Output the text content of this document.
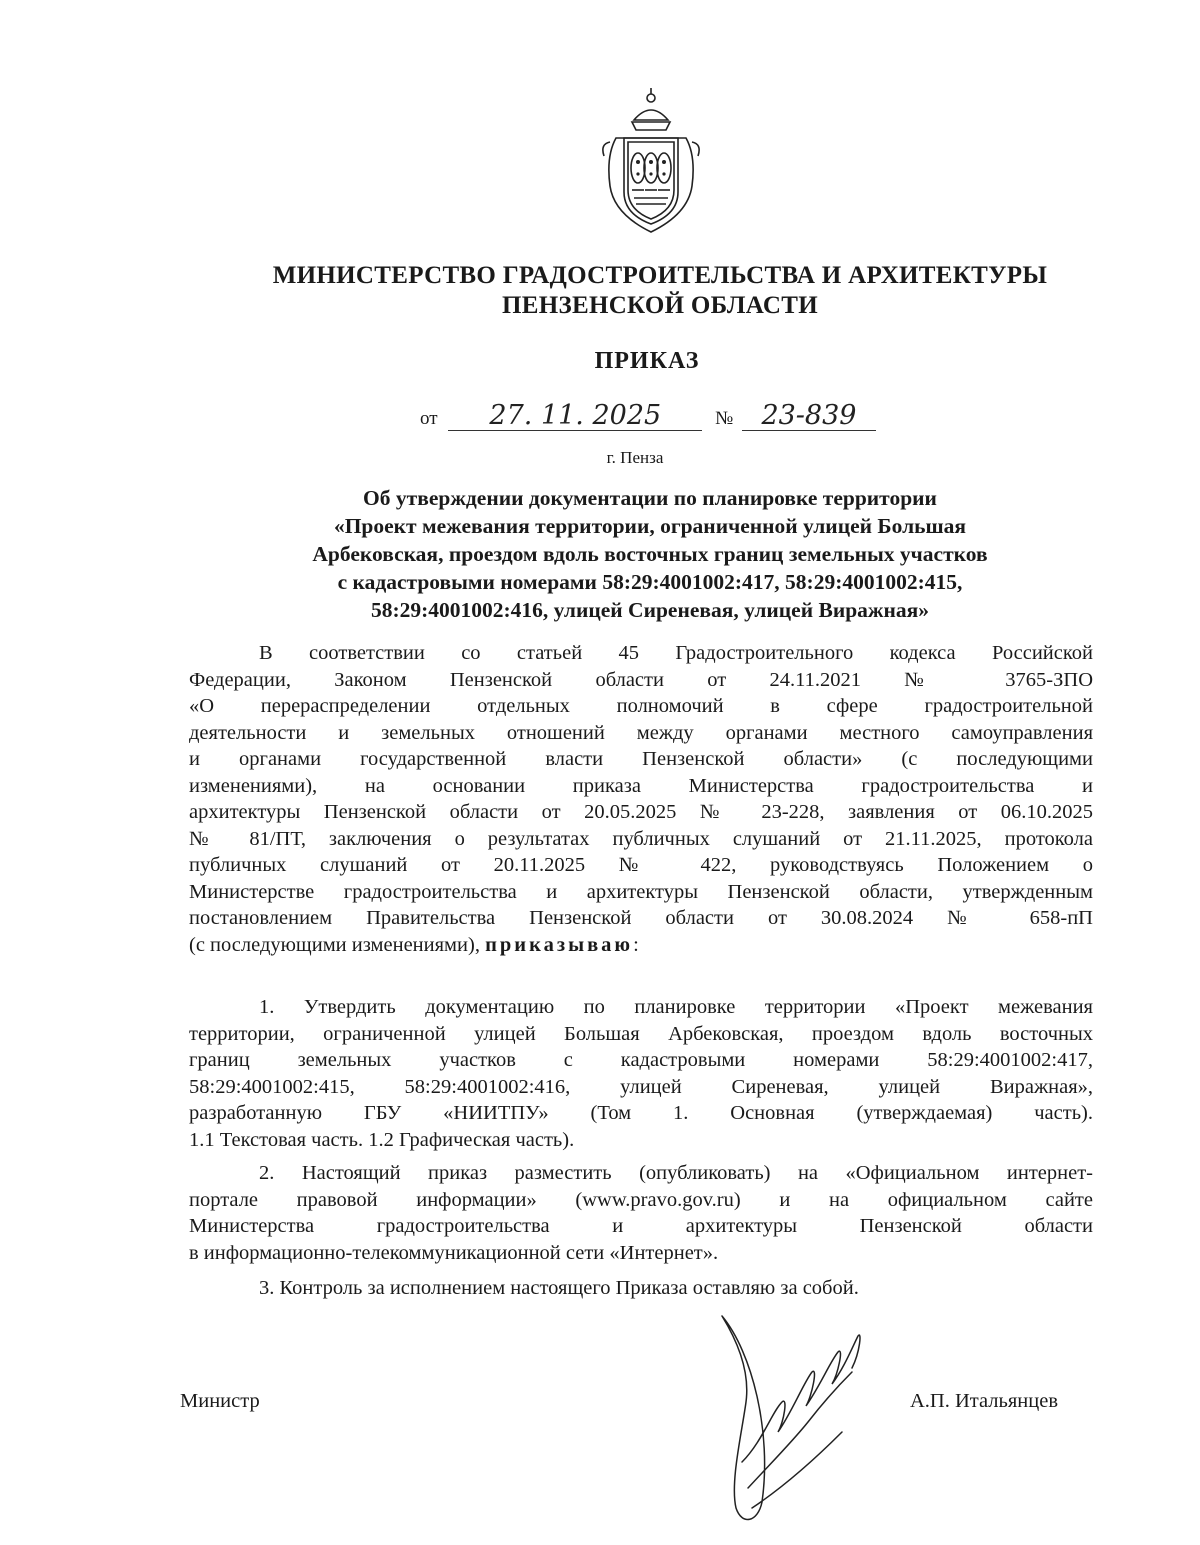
МИНИСТЕРСТВО ГРАДОСТРОИТЕЛЬСТВА И АРХИТЕКТУРЫ
ПЕНЗЕНСКОЙ ОБЛАСТИ
ПРИКАЗ
от 27. 11. 2025	№ 23-839
г. Пенза
Об утверждении документации по планировке территории
«Проект межевания территории, ограниченной улицей Большая
Арбековская, проездом вдоль восточных границ земельных участков
с кадастровыми номерами 58:29:4001002:417, 58:29:4001002:415,
58:29:4001002:416, улицей Сиреневая, улицей Виражная»
В соответствии со статьей 45 Градостроительного кодекса Российской
Федерации, Законом Пензенской области от 24.11.2021 № 3765-ЗПО
«О перераспределении отдельных полномочий в сфере градостроительной
деятельности и земельных отношений между органами местного самоуправления
и органами государственной власти Пензенской области» (с последующими
изменениями), на основании приказа Министерства градостроительства и
архитектуры Пензенской области от 20.05.2025 № 23-228, заявления от 06.10.2025
№ 81/ПТ, заключения о результатах публичных слушаний от 21.11.2025, протокола
публичных слушаний от 20.11.2025 № 422, руководствуясь Положением о
Министерстве градостроительства и архитектуры Пензенской области, утвержденным
постановлением Правительства Пензенской области от 30.08.2024 № 658-пП
(с последующими изменениями), приказываю:
1. Утвердить документацию по планировке территории «Проект межевания
территории, ограниченной улицей Большая Арбековская, проездом вдоль восточных
границ земельных участков с кадастровыми номерами 58:29:4001002:417,
58:29:4001002:415, 58:29:4001002:416, улицей Сиреневая, улицей Виражная»,
разработанную ГБУ «НИИТПУ» (Том 1. Основная (утверждаемая) часть).
1.1 Текстовая часть. 1.2 Графическая часть).
2. Настоящий приказ разместить (опубликовать) на «Официальном интернет-
портале правовой информации» (www.pravo.gov.ru) и на официальном сайте
Министерства градостроительства и архитектуры Пензенской области
в информационно-телекоммуникационной сети «Интернет».
3. Контроль за исполнением настоящего Приказа оставляю за собой.
Министр	А.П. Итальянцев
